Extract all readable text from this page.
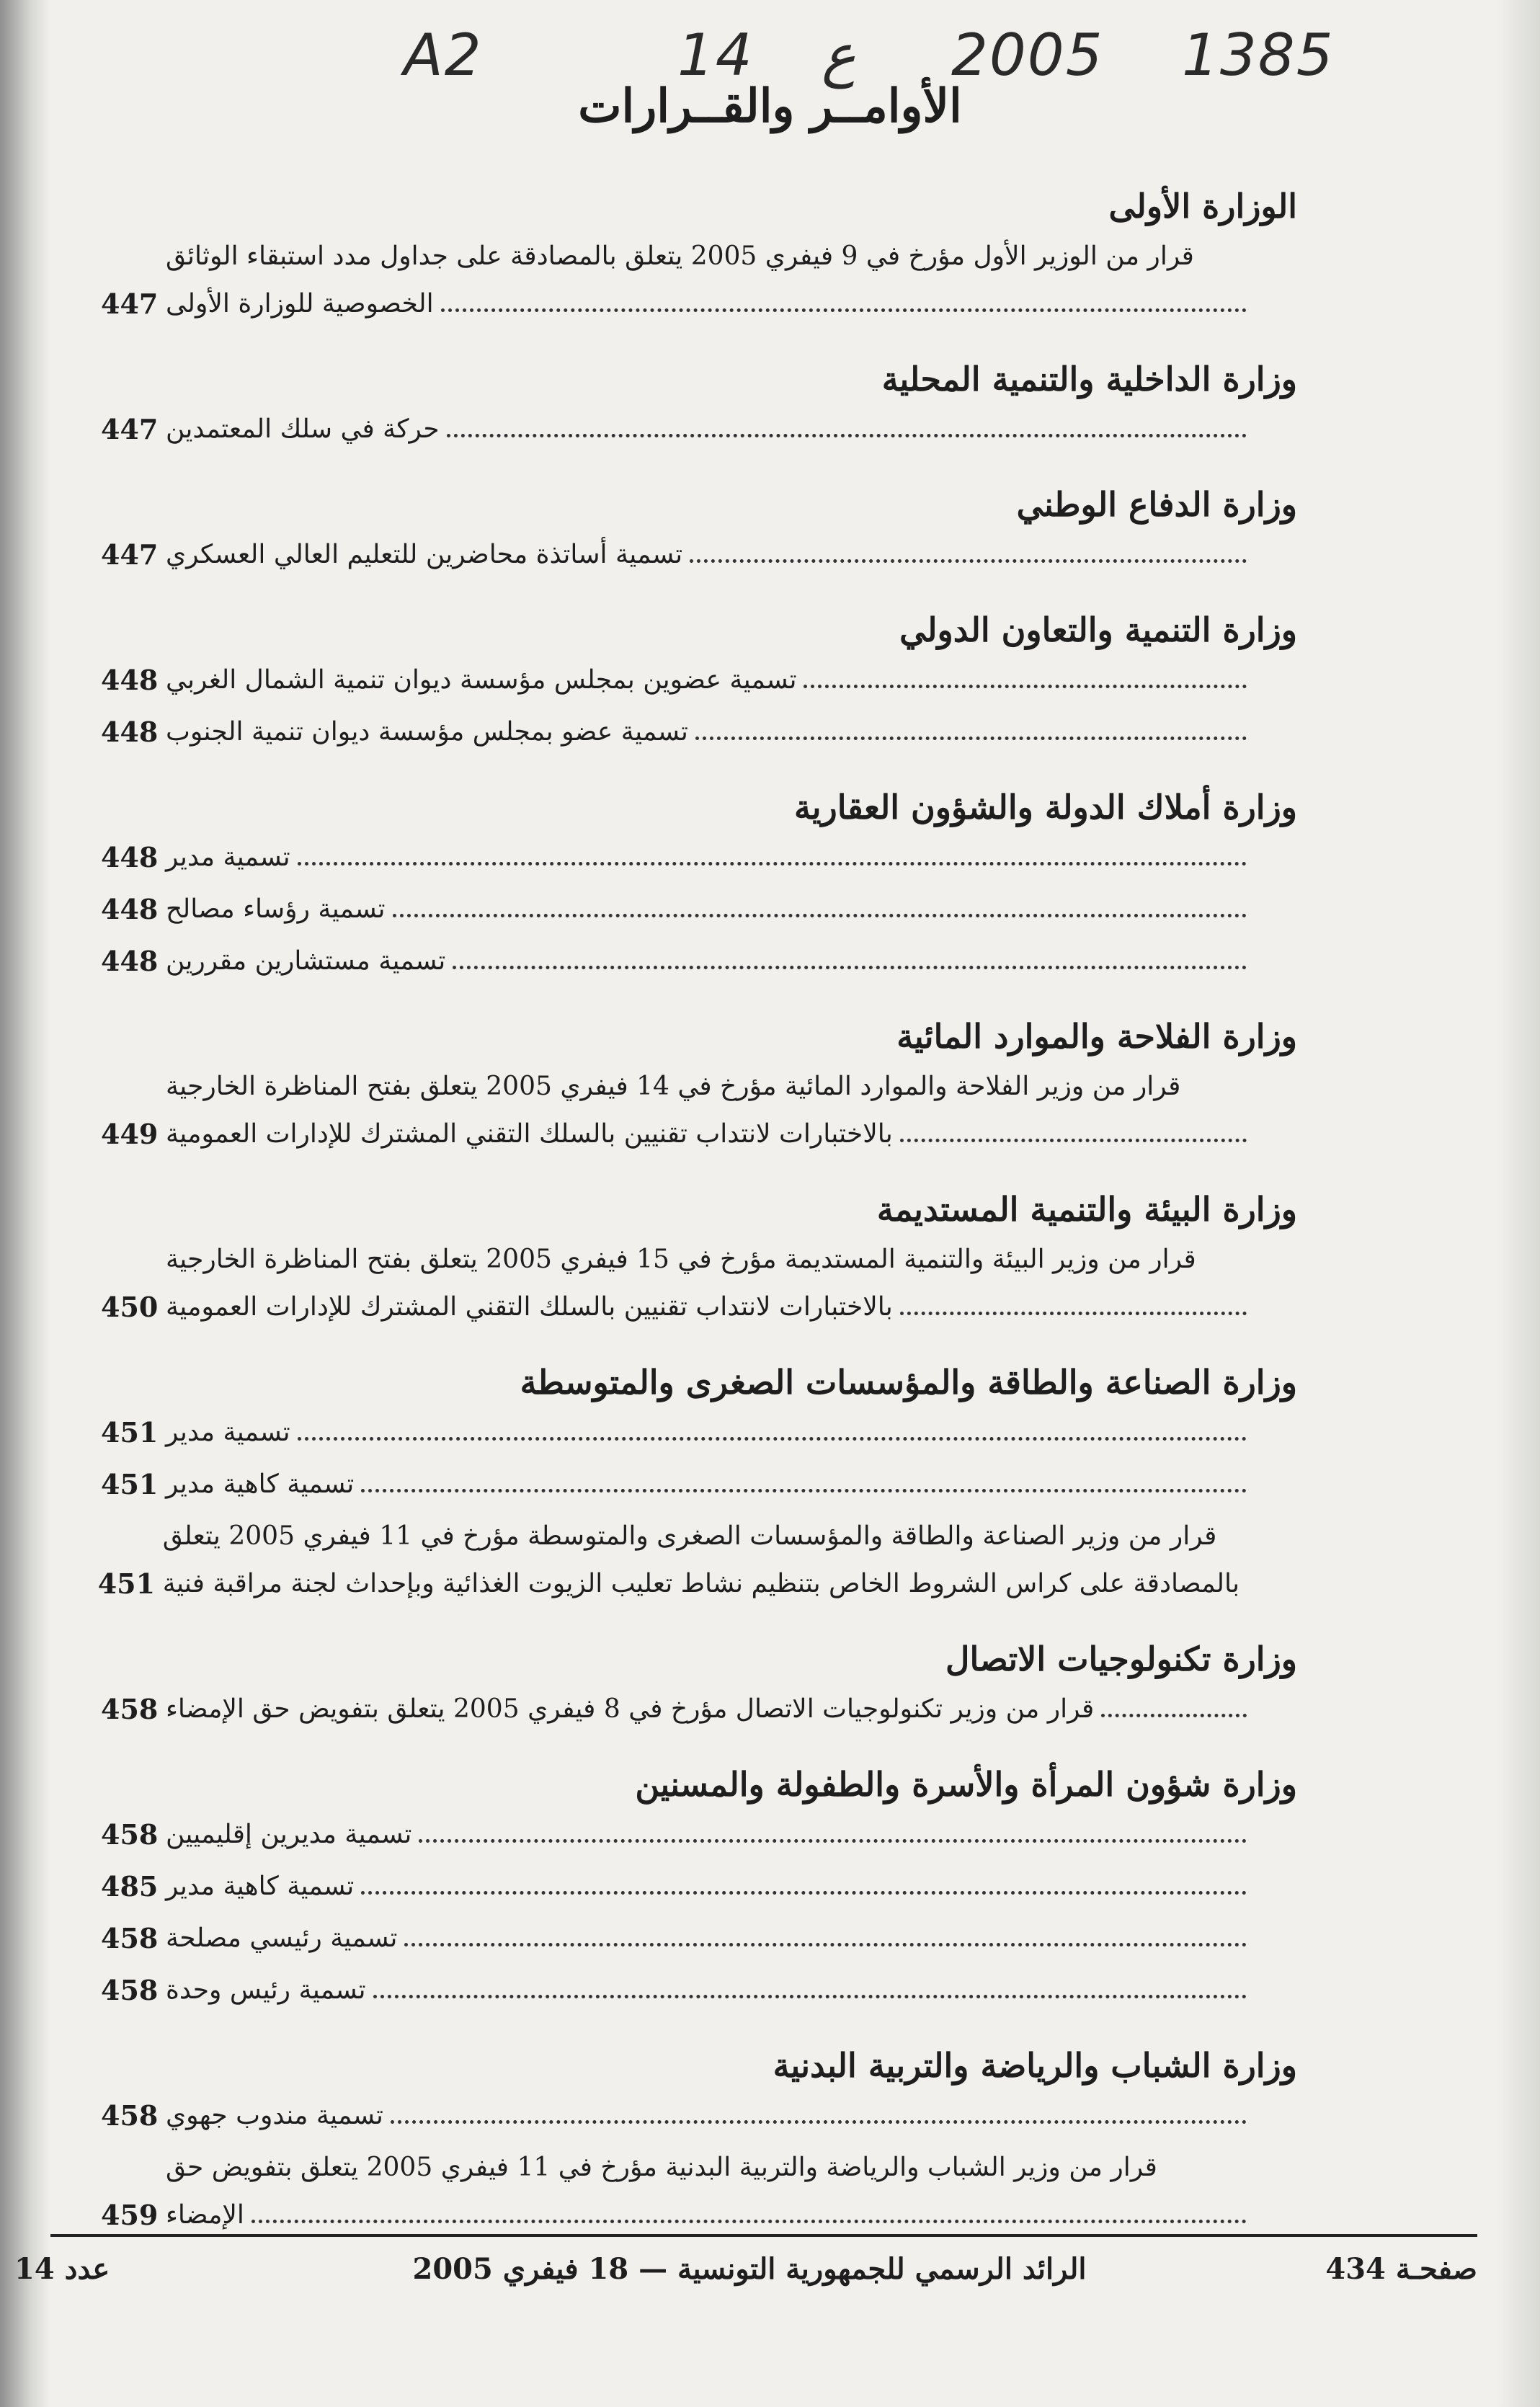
A2	14 ع 2005 1385
الأوامــر والقــرارات
الوزارة الأولى
قرار من الوزير الأول مؤرخ في 9 فيفري 2005 يتعلق بالمصادقة على جداول مدد استبقاء الوثائق
الخصوصية للوزارة الأولى
447
وزارة الداخلية والتنمية المحلية
حركة في سلك المعتمدين
447
وزارة الدفاع الوطني
تسمية أساتذة محاضرين للتعليم العالي العسكري
447
وزارة التنمية والتعاون الدولي
تسمية عضوين بمجلس مؤسسة ديوان تنمية الشمال الغربي
448
تسمية عضو بمجلس مؤسسة ديوان تنمية الجنوب
448
وزارة أملاك الدولة والشؤون العقارية
تسمية مدير
448
تسمية رؤساء مصالح
448
تسمية مستشارين مقررين
448
وزارة الفلاحة والموارد المائية
قرار من وزير الفلاحة والموارد المائية مؤرخ في 14 فيفري 2005 يتعلق بفتح المناظرة الخارجية
بالاختبارات لانتداب تقنيين بالسلك التقني المشترك للإدارات العمومية
449
وزارة البيئة والتنمية المستديمة
قرار من وزير البيئة والتنمية المستديمة مؤرخ في 15 فيفري 2005 يتعلق بفتح المناظرة الخارجية
بالاختبارات لانتداب تقنيين بالسلك التقني المشترك للإدارات العمومية
450
وزارة الصناعة والطاقة والمؤسسات الصغرى والمتوسطة
تسمية مدير
451
تسمية كاهية مدير
451
قرار من وزير الصناعة والطاقة والمؤسسات الصغرى والمتوسطة مؤرخ في 11 فيفري 2005 يتعلق
بالمصادقة على كراس الشروط الخاص بتنظيم نشاط تعليب الزيوت الغذائية وبإحداث لجنة مراقبة فنية
451
وزارة تكنولوجيات الاتصال
قرار من وزير تكنولوجيات الاتصال مؤرخ في 8 فيفري 2005 يتعلق بتفويض حق الإمضاء
458
وزارة شؤون المرأة والأسرة والطفولة والمسنين
تسمية مديرين إقليميين
458
تسمية كاهية مدير
485
تسمية رئيسي مصلحة
458
تسمية رئيس وحدة
458
وزارة الشباب والرياضة والتربية البدنية
تسمية مندوب جهوي
458
قرار من وزير الشباب والرياضة والتربية البدنية مؤرخ في 11 فيفري 2005 يتعلق بتفويض حق
الإمضاء
459
صفحـة 434
الرائد الرسمي للجمهورية التونسية — 18 فيفري 2005
عدد 14
